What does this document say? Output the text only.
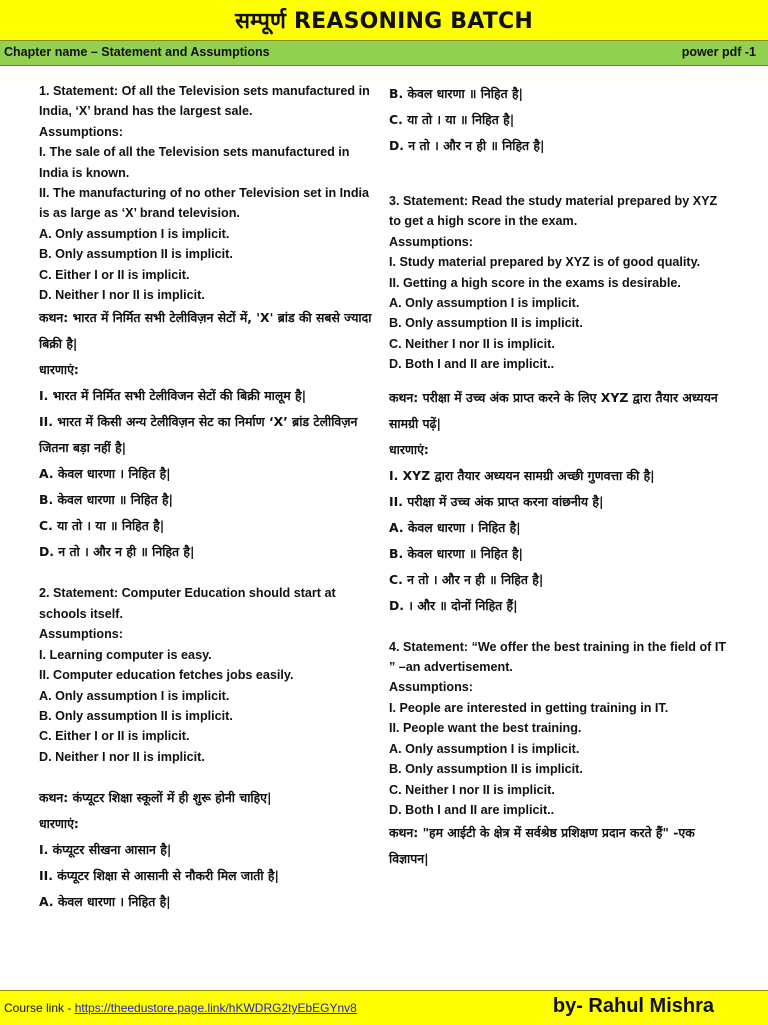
सम्पूर्ण REASONING BATCH
Chapter name – Statement and Assumptions	power pdf -1
1. Statement: Of all the Television sets manufactured in India, ‘X’ brand has the largest sale.
Assumptions:
I. The sale of all the Television sets manufactured in India is known.
II. The manufacturing of no other Television set in India is as large as ‘X’ brand television.
A. Only assumption I is implicit.
B. Only assumption II is implicit.
C. Either I or II is implicit.
D. Neither I nor II is implicit.
कथन: भारत में निर्मित सभी टेलीविज़न सेटों में, 'X' ब्रांड की सबसे ज्यादा बिक्री है|
धारणाएं:
I. भारत में निर्मित सभी टेलीविजन सेटों की बिक्री मालूम है|
II. भारत में किसी अन्य टेलीविज़न सेट का निर्माण ‘X’ ब्रांड टेलीविज़न जितना बड़ा नहीं है|
A. केवल धारणा । निहित है|
B. केवल धारणा ॥ निहित है|
C. या तो । या ॥ निहित है|
D. न तो । और न ही ॥ निहित है|
2. Statement: Computer Education should start at schools itself.
Assumptions:
I. Learning computer is easy.
II. Computer education fetches jobs easily.
A. Only assumption I is implicit.
B. Only assumption II is implicit.
C. Either I or II is implicit.
D. Neither I nor II is implicit.
कथन: कंप्यूटर शिक्षा स्कूलों में ही शुरू होनी चाहिए|
धारणाएं:
I. कंप्यूटर सीखना आसान है|
II. कंप्यूटर शिक्षा से आसानी से नौकरी मिल जाती है|
A. केवल धारणा । निहित है|
B. केवल धारणा ॥ निहित है|
C. या तो । या ॥ निहित है|
D. न तो । और न ही ॥ निहित है|
3. Statement: Read the study material prepared by XYZ to get a high score in the exam.
Assumptions:
I. Study material prepared by XYZ is of good quality.
II. Getting a high score in the exams is desirable.
A. Only assumption I is implicit.
B. Only assumption II is implicit.
C. Neither I nor II is implicit.
D. Both I and II are implicit..
कथन: परीक्षा में उच्च अंक प्राप्त करने के लिए XYZ द्वारा तैयार अध्ययन सामग्री पढ़ें|
धारणाएं:
I. XYZ द्वारा तैयार अध्ययन सामग्री अच्छी गुणवत्ता की है|
II. परीक्षा में उच्च अंक प्राप्त करना वांछनीय है|
A. केवल धारणा । निहित है|
B. केवल धारणा ॥ निहित है|
C. न तो । और न ही ॥ निहित है|
D. । और ॥ दोनों निहित हैं|
4. Statement: “We offer the best training in the field of IT ” –an advertisement.
Assumptions:
I. People are interested in getting training in IT.
II. People want the best training.
A. Only assumption I is implicit.
B. Only assumption II is implicit.
C. Neither I nor II is implicit.
D. Both I and II are implicit..
कथन: "हम आईटी के क्षेत्र में सर्वश्रेष्ठ प्रशिक्षण प्रदान करते हैं" -एक विज्ञापन|
Course link - https://theedustore.page.link/hKWDRG2tyEbEGYnv8	by- Rahul Mishra
